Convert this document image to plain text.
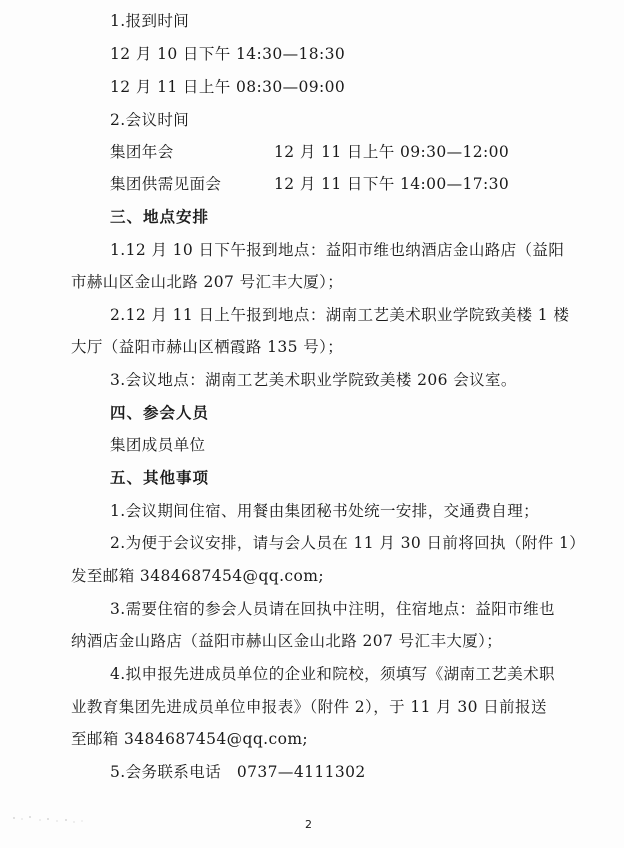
1.报到时间
12 月 10 日下午 14:30—18:30
12 月 11 日上午 08:30—09:00
2.会议时间
集团年会	12 月 11 日上午 09:30—12:00
集团供需见面会	12 月 11 日下午 14:00—17:30
三、地点安排
1.12 月 10 日下午报到地点：益阳市维也纳酒店金山路店（益阳
市赫山区金山北路 207 号汇丰大厦）；
2.12 月 11 日上午报到地点：湖南工艺美术职业学院致美楼 1 楼
大厅（益阳市赫山区栖霞路 135 号）；
3.会议地点：湖南工艺美术职业学院致美楼 206 会议室。
四、参会人员
集团成员单位
五、其他事项
1.会议期间住宿、用餐由集团秘书处统一安排，交通费自理；
2.为便于会议安排，请与会人员在 11 月 30 日前将回执（附件 1）
发至邮箱 3484687454@qq.com;
3.需要住宿的参会人员请在回执中注明，住宿地点：益阳市维也
纳酒店金山路店（益阳市赫山区金山北路 207 号汇丰大厦）；
4.拟申报先进成员单位的企业和院校，须填写《湖南工艺美术职
业教育集团先进成员单位申报表》（附件 2），于 11 月 30 日前报送
至邮箱 3484687454@qq.com;
5.会务联系电话　0737—4111302
2
